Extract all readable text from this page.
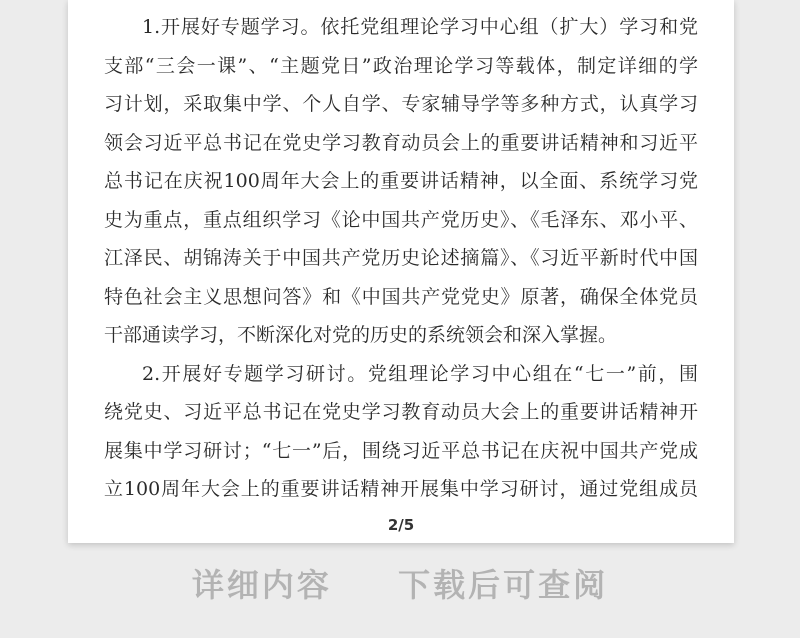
1.开展好专题学习。依托党组理论学习中心组（扩大）学习和党
支部“三会一课”、“主题党日”政治理论学习等载体，制定详细的学
习计划，采取集中学、个人自学、专家辅导学等多种方式，认真学习
领会习近平总书记在党史学习教育动员会上的重要讲话精神和习近平
总书记在庆祝100周年大会上的重要讲话精神，以全面、系统学习党
史为重点，重点组织学习《论中国共产党历史》、《毛泽东、邓小平、
江泽民、胡锦涛关于中国共产党历史论述摘篇》、《习近平新时代中国
特色社会主义思想问答》和《中国共产党党史》原著，确保全体党员
干部通读学习，不断深化对党的历史的系统领会和深入掌握。
2.开展好专题学习研讨。党组理论学习中心组在“七一”前，围
绕党史、习近平总书记在党史学习教育动员大会上的重要讲话精神开
展集中学习研讨；“七一”后，围绕习近平总书记在庆祝中国共产党成
立100周年大会上的重要讲话精神开展集中学习研讨，通过党组成员
2/5
详细内容 下载后可查阅
